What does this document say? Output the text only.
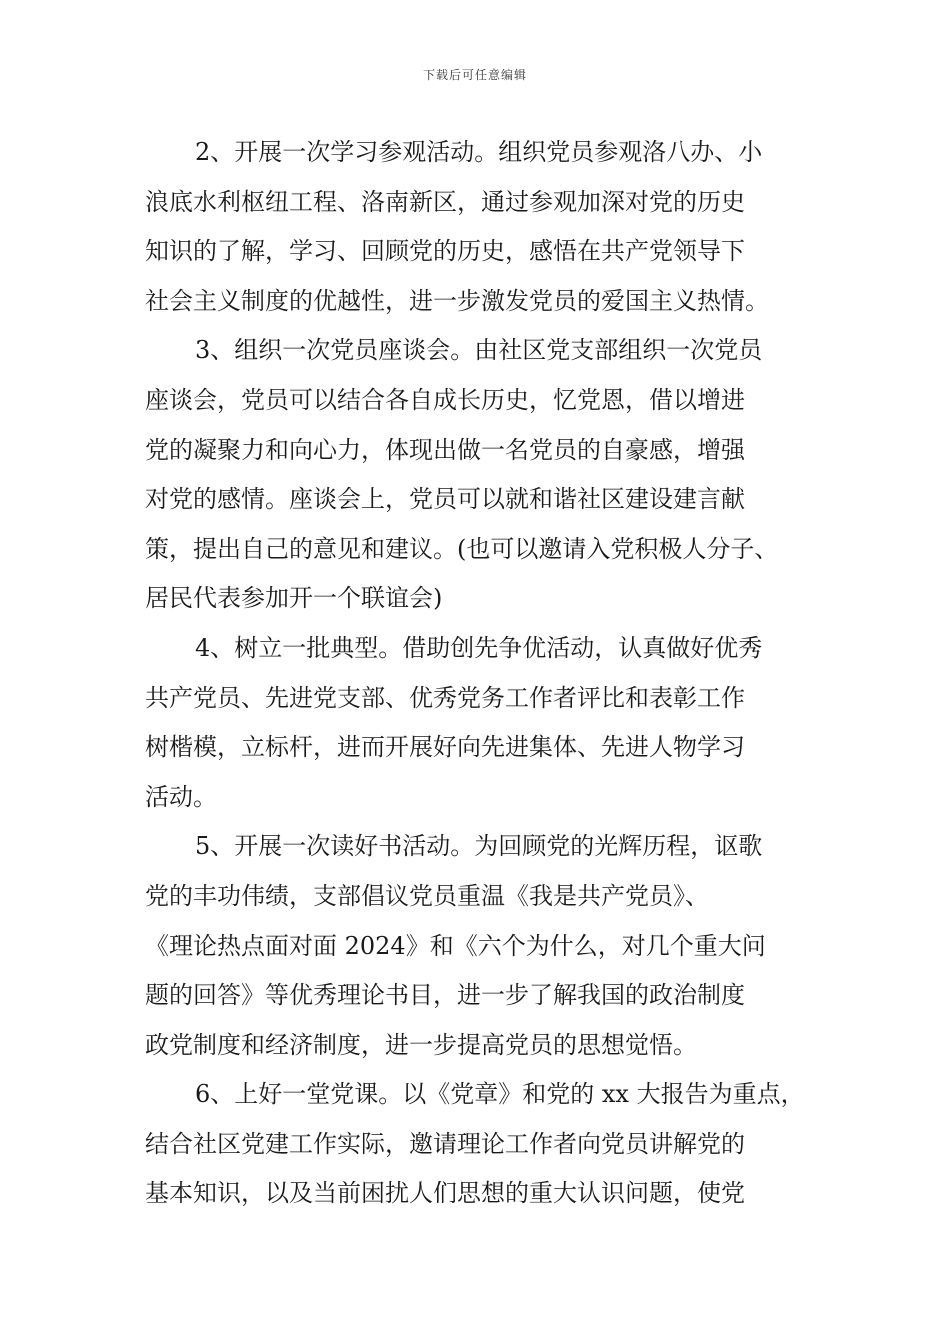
下载后可任意编辑
2、开展一次学习参观活动。组织党员参观洛八办、小
浪底水利枢纽工程、洛南新区，通过参观加深对党的历史
知识的了解，学习、回顾党的历史，感悟在共产党领导下
社会主义制度的优越性，进一步激发党员的爱国主义热情。
3、组织一次党员座谈会。由社区党支部组织一次党员
座谈会，党员可以结合各自成长历史，忆党恩，借以增进
党的凝聚力和向心力，体现出做一名党员的自豪感，增强
对党的感情。座谈会上，党员可以就和谐社区建设建言献
策，提出自己的意见和建议。(也可以邀请入党积极人分子、
居民代表参加开一个联谊会)
4、树立一批典型。借助创先争优活动，认真做好优秀
共产党员、先进党支部、优秀党务工作者评比和表彰工作
树楷模，立标杆，进而开展好向先进集体、先进人物学习
活动。
5、开展一次读好书活动。为回顾党的光辉历程，讴歌
党的丰功伟绩，支部倡议党员重温《我是共产党员》、
《理论热点面对面 2024》和《六个为什么，对几个重大问
题的回答》等优秀理论书目，进一步了解我国的政治制度
政党制度和经济制度，进一步提高党员的思想觉悟。
6、上好一堂党课。以《党章》和党的 xx 大报告为重点，
结合社区党建工作实际，邀请理论工作者向党员讲解党的
基本知识，以及当前困扰人们思想的重大认识问题，使党
